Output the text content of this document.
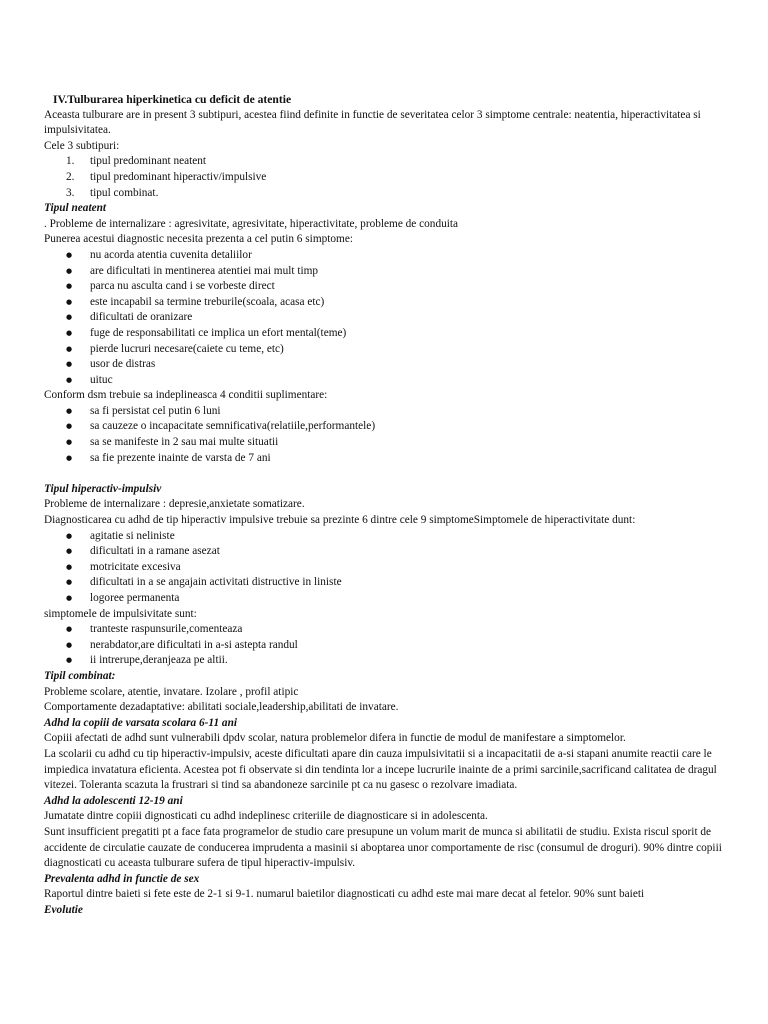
IV.Tulburarea hiperkinetica cu deficit de atentie

Aceasta tulburare are in present 3 subtipuri, acestea fiind definite in functie de severitatea celor 3 simptome centrale: neatentia, hiperactivitatea si impulsivitatea.

Cele 3 subtipuri:

1. tipul predominant neatent
2. tipul predominant hiperactiv/impulsive
3. tipul combinat.

Tipul neatent

. Probleme de internalizare : agresivitate, agresivitate, hiperactivitate, probleme de conduita

Punerea acestui diagnostic necesita prezenta a cel putin 6 simptome:

● nu acorda atentia cuvenita detaliilor
● are dificultati in mentinerea atentiei mai mult timp
● parca nu asculta cand i se vorbeste direct
● este incapabil sa termine treburile(scoala, acasa etc)
● dificultati de oranizare
● fuge de responsabilitati ce implica un efort mental(teme)
● pierde lucruri necesare(caiete cu teme, etc)
● usor de distras
● uituc

Conform dsm trebuie sa indeplineasca 4 conditii suplimentare:

● sa fi persistat cel putin 6 luni
● sa cauzeze o incapacitate semnificativa(relatiile,performantele)
● sa se manifeste in 2 sau mai multe situatii
● sa fie prezente inainte de varsta de 7 ani

Tipul hiperactiv-impulsiv

Probleme de internalizare : depresie,anxietate somatizare.

Diagnosticarea cu adhd de tip hiperactiv impulsive trebuie sa prezinte 6 dintre cele 9 simptomeSimptomele de hiperactivitate dunt:

● agitatie si neliniste
● dificultati in a ramane asezat
● motricitate excesiva
● dificultati in a se angajain activitati distructive in liniste
● logoree permanenta

simptomele de impulsivitate sunt:

● tranteste raspunsurile,comenteaza
● nerabdator,are dificultati in a-si astepta randul
● ii intrerupe,deranjeaza pe altii.

Tipil combinat:

Probleme scolare, atentie, invatare. Izolare , profil atipic

Comportamente dezadaptative: abilitati sociale,leadership,abilitati de invatare.

Adhd la copiii de varsata scolara 6-11 ani

Copiii afectati de adhd sunt vulnerabili dpdv scolar, natura problemelor difera in functie de modul de manifestare a simptomelor.

La scolarii cu adhd cu tip hiperactiv-impulsiv, aceste dificultati apare din cauza impulsivitatii si a incapacitatii de a-si stapani anumite reactii care le impiedica invatatura eficienta. Acestea pot fi observate si din tendinta lor a incepe lucrurile inainte de a primi sarcinile,sacrificand calitatea de dragul vitezei. Toleranta scazuta la frustrari si tind sa abandoneze sarcinile pt ca nu gasesc o rezolvare imadiata.

Adhd la adolescenti 12-19 ani

Jumatate dintre copiii dignosticati cu adhd indeplinesc criteriile de diagnosticare si in adolescenta.

Sunt insufficient pregatiti pt a face fata programelor de studio care presupune un volum marit de munca si abilitatii de studiu. Exista riscul sporit de accidente de circulatie cauzate de conducerea imprudenta a masinii si aboptarea unor comportamente de risc (consumul de droguri). 90% dintre copiii diagnosticati cu aceasta tulburare sufera de tipul hiperactiv-impulsiv.

Prevalenta adhd in functie de sex

Raportul dintre baieti si fete este de 2-1 si 9-1. numarul baietilor diagnosticati cu adhd este mai mare decat al fetelor. 90% sunt baieti

Evolutie
